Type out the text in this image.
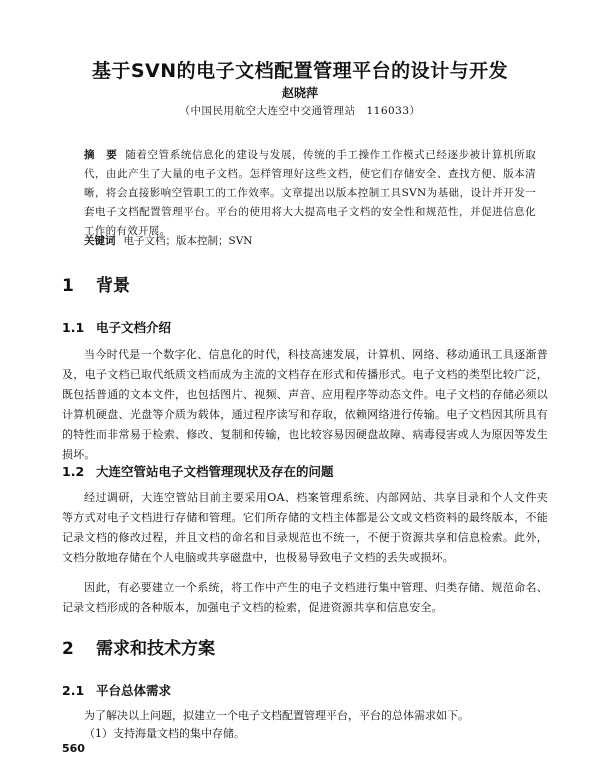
基于SVN的电子文档配置管理平台的设计与开发
赵晓萍
（中国民用航空大连空中交通管理站　116033）
摘　要 随着空管系统信息化的建设与发展，传统的手工操作工作模式已经逐步被计算机所取代，由此产生了大量的电子文档。怎样管理好这些文档，使它们存储安全、查找方便、版本清晰，将会直接影响空管职工的工作效率。文章提出以版本控制工具SVN为基础，设计并开发一套电子文档配置管理平台。平台的使用将大大提高电子文档的安全性和规范性，并促进信息化工作的有效开展。
关键词 电子文档；版本控制；SVN
1 背景
1.1 电子文档介绍
当今时代是一个数字化、信息化的时代，科技高速发展，计算机、网络、移动通讯工具逐渐普及，电子文档已取代纸质文档而成为主流的文档存在形式和传播形式。电子文档的类型比较广泛，既包括普通的文本文件，也包括图片、视频、声音、应用程序等动态文件。电子文档的存储必须以计算机硬盘、光盘等介质为载体，通过程序读写和存取，依赖网络进行传输。电子文档因其所具有的特性而非常易于检索、修改、复制和传输，也比较容易因硬盘故障、病毒侵害或人为原因等发生损坏。
1.2 大连空管站电子文档管理现状及存在的问题
经过调研，大连空管站目前主要采用OA、档案管理系统、内部网站、共享目录和个人文件夹等方式对电子文档进行存储和管理。它们所存储的文档主体都是公文或文档资料的最终版本，不能记录文档的修改过程，并且文档的命名和目录规范也不统一，不便于资源共享和信息检索。此外，文档分散地存储在个人电脑或共享磁盘中，也极易导致电子文档的丢失或损坏。
因此，有必要建立一个系统，将工作中产生的电子文档进行集中管理、归类存储、规范命名、记录文档形成的各种版本，加强电子文档的检索，促进资源共享和信息安全。
2 需求和技术方案
2.1 平台总体需求
为了解决以上问题，拟建立一个电子文档配置管理平台，平台的总体需求如下。
（1）支持海量文档的集中存储。
560
